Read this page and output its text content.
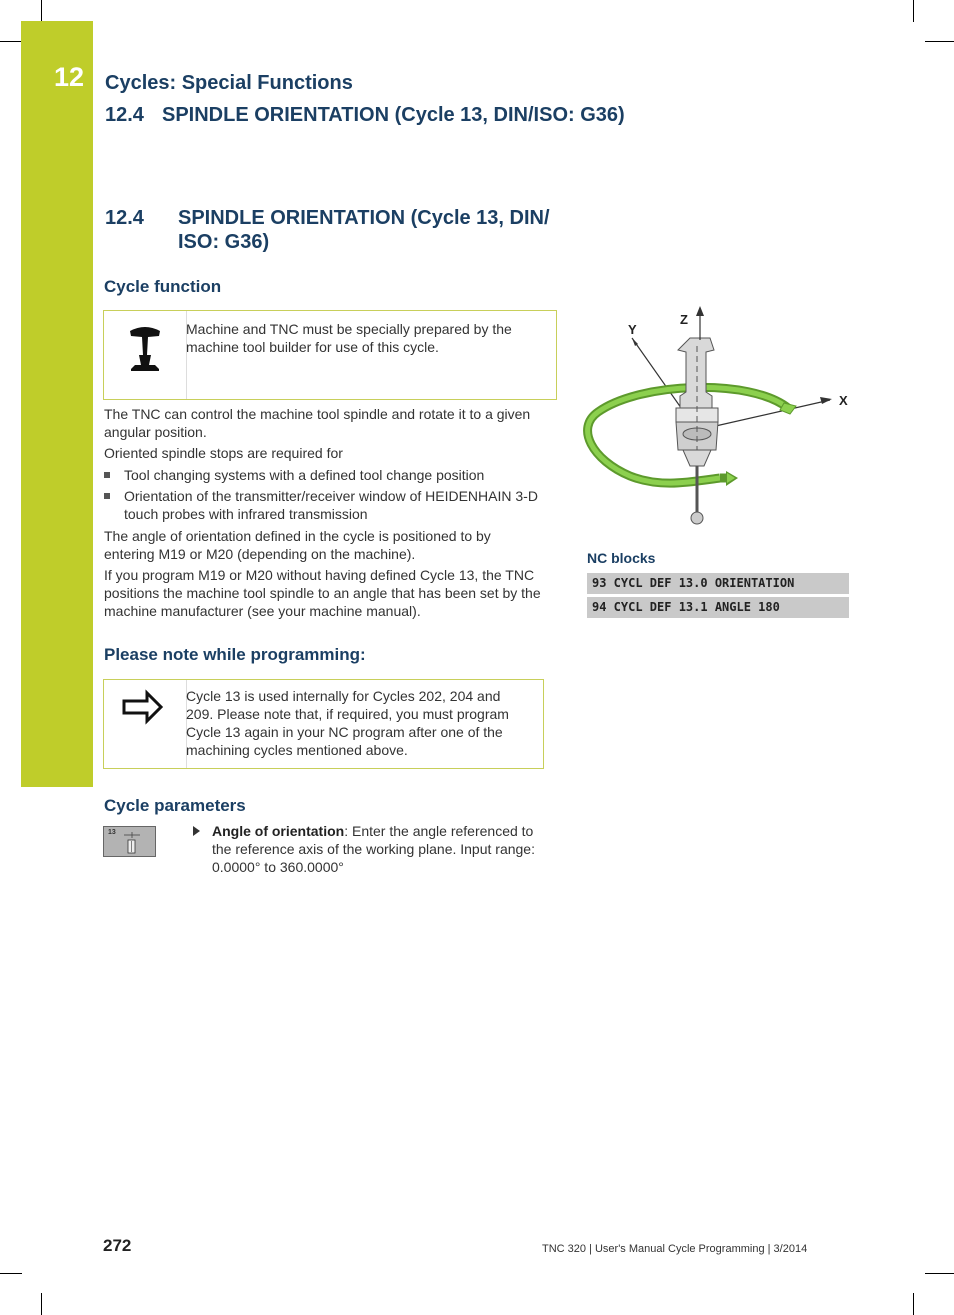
12 Cycles: Special Functions
12.4 SPINDLE ORIENTATION (Cycle 13, DIN/ISO: G36)
12.4 SPINDLE ORIENTATION (Cycle 13, DIN/
ISO: G36)
Cycle function
Machine and TNC must be specially prepared by the machine tool builder for use of this cycle.

The TNC can control the machine tool spindle and rotate it to a given angular position.

Oriented spindle stops are required for

Tool changing systems with a defined tool change position
Orientation of the transmitter/receiver window of HEIDENHAIN 3-D touch probes with infrared transmission

The angle of orientation defined in the cycle is positioned to by entering M19 or M20 (depending on the machine).

If you program M19 or M20 without having defined Cycle 13, the TNC positions the machine tool spindle to an angle that has been set by the machine manufacturer (see your machine manual).

Z
Y
X
NC blocks
93 CYCL DEF 13.0 ORIENTATION
94 CYCL DEF 13.1 ANGLE 180
Please note while programming:
Cycle 13 is used internally for Cycles 202, 204 and 209. Please note that, if required, you must program Cycle 13 again in your NC program after one of the machining cycles mentioned above.
Cycle parameters
13	Angle of orientation: Enter the angle referenced to the reference axis of the working plane. Input range: 0.0000° to 360.0000°
272	TNC 320 | User's Manual Cycle Programming | 3/2014
